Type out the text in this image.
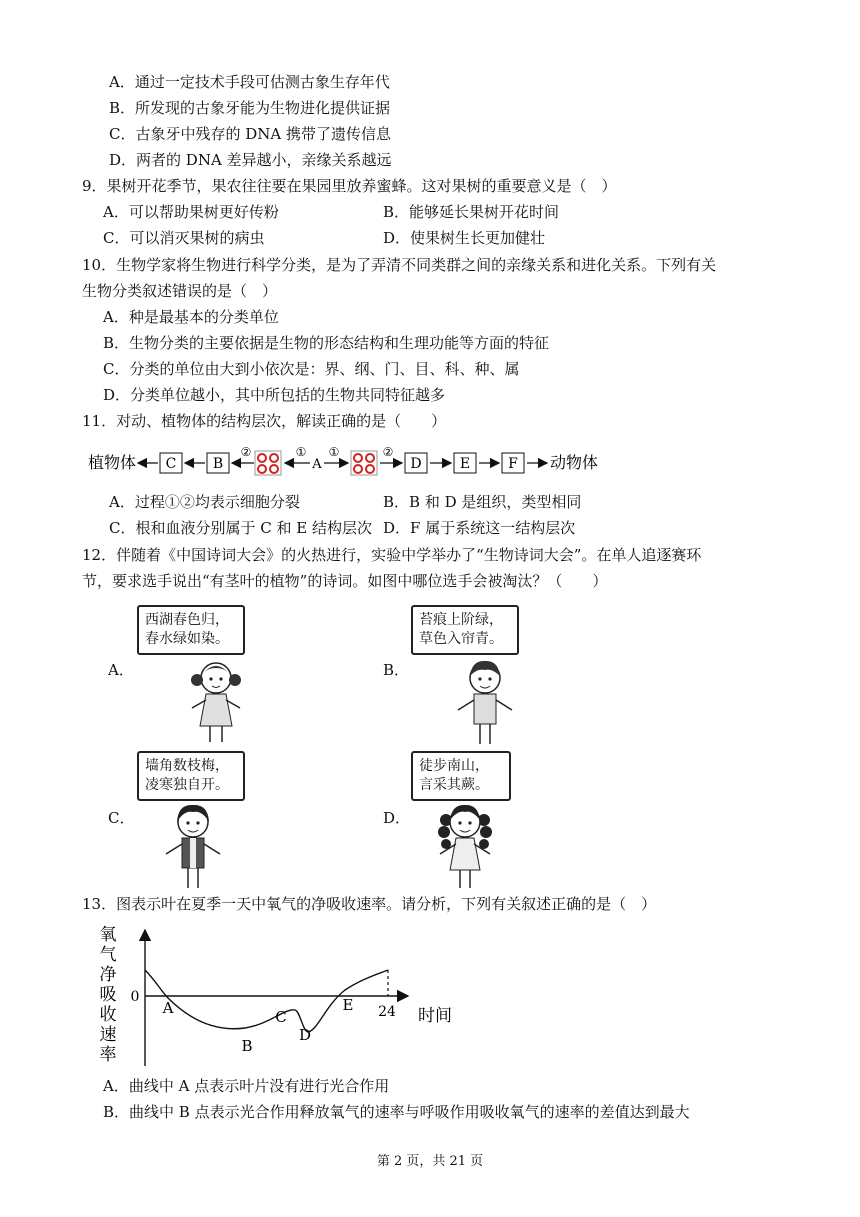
A．通过一定技术手段可估测古象生存年代
B．所发现的古象牙能为生物进化提供证据
C．古象牙中残存的 DNA 携带了遗传信息
D．两者的 DNA 差异越小，亲缘关系越远
9．果树开花季节，果农往往要在果园里放养蜜蜂。这对果树的重要意义是（　）
A．可以帮助果树更好传粉	B．能够延长果树开花时间
C．可以消灭果树的病虫	D．使果树生长更加健壮
10．生物学家将生物进行科学分类，是为了弄清不同类群之间的亲缘关系和进化关系。下列有关
生物分类叙述错误的是（　）
A．种是最基本的分类单位
B．生物分类的主要依据是生物的形态结构和生理功能等方面的特征
C．分类的单位由大到小依次是：界、纲、门、目、科、种、属
D．分类单位越小，其中所包括的生物共同特征越多
11．对动、植物体的结构层次，解读正确的是（　　）
植物体 C	B
②	①
A
①	②
D	E	F 动物体
A．过程①②均表示细胞分裂	B．B 和 D 是组织，类型相同
C．根和血液分别属于 C 和 E 结构层次 D．F 属于系统这一结构层次
12．伴随着《中国诗词大会》的火热进行，实验中学举办了“生物诗词大会”。在单人追逐赛环
节，要求选手说出“有茎叶的植物”的诗词。如图中哪位选手会被淘汰？（　　）
A．
西湖春色归，
春水绿如染。
B．
苔痕上阶绿，
草色入帘青。
C．
墙角数枝梅，
凌寒独自开。
D．
徒步南山，
言采其蕨。
13．图表示叶在夏季一天中氧气的净吸收速率。请分析，下列有关叙述正确的是（　）
氧
气
净
吸
收
速
率
0
时间
24
A
B
C
D
E
A．曲线中 A 点表示叶片没有进行光合作用
B．曲线中 B 点表示光合作用释放氧气的速率与呼吸作用吸收氧气的速率的差值达到最大
第 2 页，共 21 页
